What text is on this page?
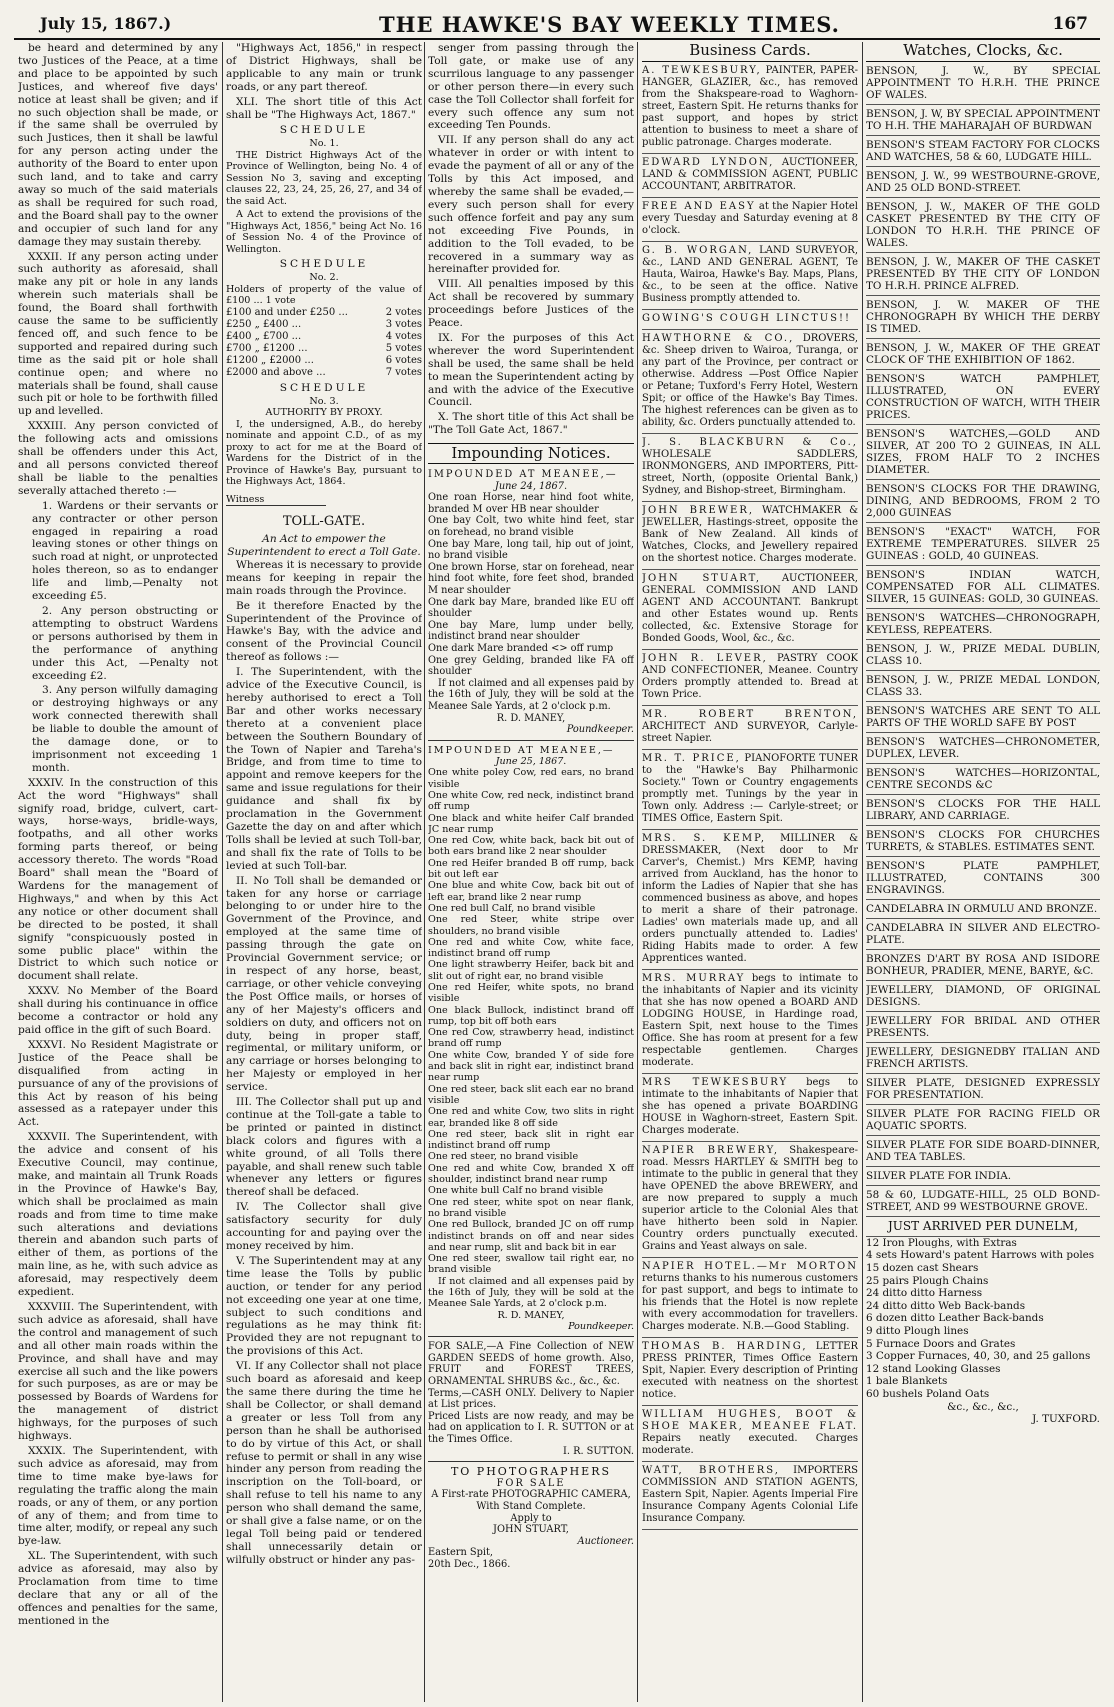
July 15, 1867.)	THE HAWKE'S BAY WEEKLY TIMES.	167

be heard and determined by any two Justices of the Peace, at a time and place to be appointed by such Justices, and whereof five days' notice at least shall be given; and if no such objection shall be made, or if the same shall be overruled by such Justices, then it shall be lawful for any person acting under the authority of the Board to enter upon such land, and to take and carry away so much of the said materials as shall be required for such road, and the Board shall pay to the owner and occupier of such land for any damage they may sustain thereby.

XXXII. If any person acting under such authority as aforesaid, shall make any pit or hole in any lands wherein such materials shall be found, the Board shall forthwith cause the same to be sufficiently fenced off, and such fence to be supported and repaired during such time as the said pit or hole shall continue open; and where no materials shall be found, shall cause such pit or hole to be forthwith filled up and levelled.

XXXIII. Any person convicted of the following acts and omissions shall be offenders under this Act, and all persons convicted thereof shall be liable to the penalties severally attached thereto :—

1. Wardens or their servants or any contracter or other person engaged in repairing a road leaving stones or other things on such road at night, or unprotected holes thereon, so as to endanger life and limb,—Penalty not exceeding £5.

2. Any person obstructing or attempting to obstruct Wardens or persons authorised by them in the performance of anything under this Act, —Penalty not exceeding £2.

3. Any person wilfully damaging or destroying highways or any work connected therewith shall be liable to double the amount of the damage done, or to imprisonment not exceeding 1 month.

XXXIV. In the construction of this Act the word "Highways" shall signify road, bridge, culvert, cart-ways, horse-ways, bridle-ways, footpaths, and all other works forming parts thereof, or being accessory thereto. The words "Road Board" shall mean the "Board of Wardens for the management of Highways," and when by this Act any notice or other document shall be directed to be posted, it shall signify "conspicuously posted in some public place" within the District to which such notice or document shall relate.

XXXV. No Member of the Board shall during his continuance in office become a contractor or hold any paid office in the gift of such Board.

XXXVI. No Resident Magistrate or Justice of the Peace shall be disqualified from acting in pursuance of any of the provisions of this Act by reason of his being assessed as a ratepayer under this Act.

XXXVII. The Superintendent, with the advice and consent of his Executive Council, may continue, make, and maintain all Trunk Roads in the Province of Hawke's Bay, which shall be proclaimed as main roads and from time to time make such alterations and deviations therein and abandon such parts of either of them, as portions of the main line, as he, with such advice as aforesaid, may respectively deem expedient.

XXXVIII. The Superintendent, with such advice as aforesaid, shall have the control and management of such and all other main roads within the Province, and shall have and may exercise all such and the like powers for such purposes, as are or may be possessed by Boards of Wardens for the management of district highways, for the purposes of such highways.

XXXIX. The Superintendent, with such advice as aforesaid, may from time to time make bye-laws for regulating the traffic along the main roads, or any of them, or any portion of any of them; and from time to time alter, modify, or repeal any such bye-law.

XL. The Superintendent, with such advice as aforesaid, may also by Proclamation from time to time declare that any or all of the offences and penalties for the same, mentioned in the

"Highways Act, 1856," in respect of District Highways, shall be applicable to any main or trunk roads, or any part thereof.

XLI. The short title of this Act shall be "The Highways Act, 1867."

SCHEDULE
No. 1.

THE District Highways Act of the Province of Wellington, being No. 4 of Session No 3, saving and excepting clauses 22, 23, 24, 25, 26, 27, and 34 of the said Act.

A Act to extend the provisions of the "Highways Act, 1856," being Act No. 16 of Session No. 4 of the Province of Wellington.

SCHEDULE
No. 2.
Holders of property of the value of £100 ... 1 vote
£100 and under £250 ...	2 votes
£250 „ £400 ...	3 votes
£400 „ £700 ...	4 votes
£700 „ £1200 ...	5 votes
£1200 „ £2000 ...	6 votes
£2000 and above ...	7 votes
SCHEDULE
No. 3.
AUTHORITY BY PROXY.

I, the undersigned, A.B., do hereby nominate and appoint C.D., of as my proxy to act for me at the Board of Wardens for the District of in the Province of Hawke's Bay, pursuant to the Highways Act, 1864.

Witness
TOLL-GATE.
An Act to empower the Superintendent to erect a Toll Gate.

Whereas it is necessary to provide means for keeping in repair the main roads through the Province.

Be it therefore Enacted by the Superintendent of the Province of Hawke's Bay, with the advice and consent of the Provincial Council thereof as follows :—

I. The Superintendent, with the advice of the Executive Council, is hereby authorised to erect a Toll Bar and other works necessary thereto at a convenient place between the Southern Boundary of the Town of Napier and Tareha's Bridge, and from time to time to appoint and remove keepers for the same and issue regulations for their guidance and shall fix by proclamation in the Government Gazette the day on and after which Tolls shall be levied at such Toll-bar, and shall fix the rate of Tolls to be levied at such Toll-bar.

II. No Toll shall be demanded or taken for any horse or carriage belonging to or under hire to the Government of the Province, and employed at the same time of passing through the gate on Provincial Government service; or in respect of any horse, beast, carriage, or other vehicle conveying the Post Office mails, or horses of any of her Majesty's officers and soldiers on duty, and officers not on duty, being in proper staff, regimental, or military uniform, or any carriage or horses belonging to her Majesty or employed in her service.

III. The Collector shall put up and continue at the Toll-gate a table to be printed or painted in distinct black colors and figures with a white ground, of all Tolls there payable, and shall renew such table whenever any letters or figures thereof shall be defaced.

IV. The Collector shall give satisfactory security for duly accounting for and paying over the money received by him.

V. The Superintendent may at any time lease the Tolls by public auction, or tender for any period not exceeding one year at one time, subject to such conditions and regulations as he may think fit: Provided they are not repugnant to the provisions of this Act.

VI. If any Collector shall not place such board as aforesaid and keep the same there during the time he shall be Collector, or shall demand a greater or less Toll from any person than he shall be authorised to do by virtue of this Act, or shall refuse to permit or shall in any wise hinder any person from reading the inscription on the Toll-board, or shall refuse to tell his name to any person who shall demand the same, or shall give a false name, or on the legal Toll being paid or tendered shall unnecessarily detain or wilfully obstruct or hinder any pas-

senger from passing through the Toll gate, or make use of any scurrilous language to any passenger or other person there—in every such case the Toll Collector shall forfeit for every such offence any sum not exceeding Ten Pounds.

VII. If any person shall do any act whatever in order or with intent to evade the payment of all or any of the Tolls by this Act imposed, and whereby the same shall be evaded,—every such person shall for every such offence forfeit and pay any sum not exceeding Five Pounds, in addition to the Toll evaded, to be recovered in a summary way as hereinafter provided for.

VIII. All penalties imposed by this Act shall be recovered by summary proceedings before Justices of the Peace.

IX. For the purposes of this Act wherever the word Superintendent shall be used, the same shall be held to mean the Superintendent acting by and with the advice of the Executive Council.

X. The short title of this Act shall be "The Toll Gate Act, 1867."

Impounding Notices.
IMPOUNDED AT MEANEE,—
June 24, 1867.
One roan Horse, near hind foot white, branded M over HB near shoulder
One bay Colt, two white hind feet, star on forehead, no brand visible
One bay Mare, long tail, hip out of joint, no brand visible
One brown Horse, star on forehead, near hind foot white, fore feet shod, branded M near shoulder
One dark bay Mare, branded like EU off shoulder
One bay Mare, lump under belly, indistinct brand near shoulder
One dark Mare branded <> off rump
One grey Gelding, branded like FA off shoulder
If not claimed and all expenses paid by the 16th of July, they will be sold at the Meanee Sale Yards, at 2 o'clock p.m.
R. D. MANEY,
Poundkeeper.
IMPOUNDED AT MEANEE,—
June 25, 1867.
One white poley Cow, red ears, no brand visible
One white Cow, red neck, indistinct brand off rump
One black and white heifer Calf branded JC near rump
One red Cow, white back, back bit out of both ears brand like 2 near shoulder
One red Heifer branded B off rump, back bit out left ear
One blue and white Cow, back bit out of left ear, brand like 2 near rump
One red bull Calf, no brand visible
One red Steer, white stripe over shoulders, no brand visible
One red and white Cow, white face, indistinct brand off rump
One light strawberry Heifer, back bit and slit out of right ear, no brand visible
One red Heifer, white spots, no brand visible
One black Bullock, indistinct brand off rump, top bit off both ears
One red Cow, strawberry head, indistinct brand off rump
One white Cow, branded Y of side fore and back slit in right ear, indistinct brand near rump
One red steer, back slit each ear no brand visible
One red and white Cow, two slits in right ear, branded like 8 off side
One red steer, back slit in right ear indistinct brand off rump
One red steer, no brand visible
One red and white Cow, branded X off shoulder, indistinct brand near rump
One white bull Calf no brand visible
One red steer, white spot on near flank, no brand visible
One red Bullock, branded JC on off rump indistinct brands on off and near sides and near rump, slit and back bit in ear
One red steer, swallow tail right ear, no brand visible
If not claimed and all expenses paid by the 16th of July, they will be sold at the Meanee Sale Yards, at 2 o'clock p.m.
R. D. MANEY,
Poundkeeper.
FOR SALE,—A Fine Collection of NEW GARDEN SEEDS of home growth. Also, FRUIT and FOREST TREES, ORNAMENTAL SHRUBS &c., &c., &c.
Terms,—CASH ONLY. Delivery to Napier at List prices.
Priced Lists are now ready, and may be had on application to I. R. SUTTON or at the Times Office.
I. R. SUTTON.
TO PHOTOGRAPHERS
FOR SALE
A First-rate PHOTOGRAPHIC CAMERA, With Stand Complete.
Apply to
JOHN STUART,
Auctioneer.
Eastern Spit,
20th Dec., 1866.
Business Cards.
A. TEWKESBURY, PAINTER, PAPER-HANGER, GLAZIER, &c., has removed from the Shakspeare-road to Waghorn-street, Eastern Spit. He returns thanks for past support, and hopes by strict attention to business to meet a share of public patronage. Charges moderate.
EDWARD LYNDON, AUCTIONEER, LAND & COMMISSION AGENT, PUBLIC ACCOUNTANT, ARBITRATOR.
FREE AND EASY at the Napier Hotel every Tuesday and Saturday evening at 8 o'clock.
G. B. WORGAN, LAND SURVEYOR, &c., LAND AND GENERAL AGENT, Te Hauta, Wairoa, Hawke's Bay. Maps, Plans, &c., to be seen at the office. Native Business promptly attended to.
GOWING'S COUGH LINCTUS!!
HAWTHORNE & CO., DROVERS, &c. Sheep driven to Wairoa, Turanga, or any part of the Province, per contract or otherwise. Address —Post Office Napier or Petane; Tuxford's Ferry Hotel, Western Spit; or office of the Hawke's Bay Times. The highest references can be given as to ability, &c. Orders punctually attended to.
J. S. BLACKBURN & Co., WHOLESALE SADDLERS, IRONMONGERS, AND IMPORTERS, Pitt-street, North, (opposite Oriental Bank,) Sydney, and Bishop-street, Birmingham.
JOHN BREWER, WATCHMAKER & JEWELLER, Hastings-street, opposite the Bank of New Zealand. All kinds of Watches, Clocks, and Jewellery repaired on the shortest notice. Charges moderate.
JOHN STUART, AUCTIONEER, GENERAL COMMISSION AND LAND AGENT AND ACCOUNTANT. Bankrupt and other Estates wound up. Rents collected, &c. Extensive Storage for Bonded Goods, Wool, &c., &c.
JOHN R. LEVER, PASTRY COOK AND CONFECTIONER, Meanee. Country Orders promptly attended to. Bread at Town Price.
MR. ROBERT BRENTON, ARCHITECT AND SURVEYOR, Carlyle-street Napier.
MR. T. PRICE, PIANOFORTE TUNER to the "Hawke's Bay Philharmonic Society." Town or Country engagements promptly met. Tunings by the year in Town only. Address :— Carlyle-street; or TIMES Office, Eastern Spit.
MRS. S. KEMP, MILLINER & DRESSMAKER, (Next door to Mr Carver's, Chemist.) Mrs KEMP, having arrived from Auckland, has the honor to inform the Ladies of Napier that she has commenced business as above, and hopes to merit a share of their patronage. Ladies' own materials made up, and all orders punctually attended to. Ladies' Riding Habits made to order. A few Apprentices wanted.
MRS. MURRAY begs to intimate to the inhabitants of Napier and its vicinity that she has now opened a BOARD AND LODGING HOUSE, in Hardinge road, Eastern Spit, next house to the Times Office. She has room at present for a few respectable gentlemen. Charges moderate.
MRS TEWKESBURY begs to intimate to the inhabitants of Napier that she has opened a private BOARDING HOUSE in Waghorn-street, Eastern Spit. Charges moderate.
NAPIER BREWERY, Shakespeare-road. Messrs HARTLEY & SMITH beg to intimate to the public in general that they have OPENED the above BREWERY, and are now prepared to supply a much superior article to the Colonial Ales that have hitherto been sold in Napier. Country orders punctually executed. Grains and Yeast always on sale.
NAPIER HOTEL.—Mr MORTON returns thanks to his numerous customers for past support, and begs to intimate to his friends that the Hotel is now replete with every accommodation for travellers. Charges moderate. N.B.—Good Stabling.
THOMAS B. HARDING, LETTER PRESS PRINTER, Times Office Eastern Spit, Napier. Every description of Printing executed with neatness on the shortest notice.
WILLIAM HUGHES, BOOT & SHOE MAKER, MEANEE FLAT. Repairs neatly executed. Charges moderate.
WATT, BROTHERS, IMPORTERS COMMISSION AND STATION AGENTS, Eastern Spit, Napier. Agents Imperial Fire Insurance Company Agents Colonial Life Insurance Company.
Watches, Clocks, &c.
BENSON, J. W., BY SPECIAL APPOINTMENT TO H.R.H. THE PRINCE OF WALES.
BENSON, J. W, BY SPECIAL APPOINTMENT TO H.H. THE MAHARAJAH OF BURDWAN
BENSON'S STEAM FACTORY FOR CLOCKS AND WATCHES, 58 & 60, LUDGATE HILL.
BENSON, J. W., 99 WESTBOURNE-GROVE, AND 25 OLD BOND-STREET.
BENSON, J. W., MAKER OF THE GOLD CASKET PRESENTED BY THE CITY OF LONDON TO H.R.H. THE PRINCE OF WALES.
BENSON, J. W., MAKER OF THE CASKET PRESENTED BY THE CITY OF LONDON TO H.R.H. PRINCE ALFRED.
BENSON, J. W. MAKER OF THE CHRONOGRAPH BY WHICH THE DERBY IS TIMED.
BENSON, J. W., MAKER OF THE GREAT CLOCK OF THE EXHIBITION OF 1862.
BENSON'S WATCH PAMPHLET, ILLUSTRATED, ON EVERY CONSTRUCTION OF WATCH, WITH THEIR PRICES.
BENSON'S WATCHES,—GOLD AND SILVER, AT 200 TO 2 GUINEAS, IN ALL SIZES, FROM HALF TO 2 INCHES DIAMETER.
BENSON'S CLOCKS FOR THE DRAWING, DINING, AND BEDROOMS, FROM 2 TO 2,000 GUINEAS
BENSON'S "EXACT" WATCH, FOR EXTREME TEMPERATURES. SILVER 25 GUINEAS : GOLD, 40 GUINEAS.
BENSON'S INDIAN WATCH, COMPENSATED FOR ALL CLIMATES. SILVER, 15 GUINEAS: GOLD, 30 GUINEAS.
BENSON'S WATCHES—CHRONOGRAPH, KEYLESS, REPEATERS.
BENSON, J. W., PRIZE MEDAL DUBLIN, CLASS 10.
BENSON, J. W., PRIZE MEDAL LONDON, CLASS 33.
BENSON'S WATCHES ARE SENT TO ALL PARTS OF THE WORLD SAFE BY POST
BENSON'S WATCHES—CHRONOMETER, DUPLEX, LEVER.
BENSON'S WATCHES—HORIZONTAL, CENTRE SECONDS &C
BENSON'S CLOCKS FOR THE HALL LIBRARY, AND CARRIAGE.
BENSON'S CLOCKS FOR CHURCHES TURRETS, & STABLES. ESTIMATES SENT.
BENSON'S PLATE PAMPHLET, ILLUSTRATED, CONTAINS 300 ENGRAVINGS.
CANDELABRA IN ORMULU AND BRONZE.
CANDELABRA IN SILVER AND ELECTRO-PLATE.
BRONZES D'ART BY ROSA AND ISIDORE BONHEUR, PRADIER, MENE, BARYE, &C.
JEWELLERY, DIAMOND, OF ORIGINAL DESIGNS.
JEWELLERY FOR BRIDAL AND OTHER PRESENTS.
JEWELLERY, DESIGNEDBY ITALIAN AND FRENCH ARTISTS.
SILVER PLATE, DESIGNED EXPRESSLY FOR PRESENTATION.
SILVER PLATE FOR RACING FIELD OR AQUATIC SPORTS.
SILVER PLATE FOR SIDE BOARD-DINNER, AND TEA TABLES.
SILVER PLATE FOR INDIA.
58 & 60, LUDGATE-HILL, 25 OLD BOND-STREET, AND 99 WESTBOURNE GROVE.
JUST ARRIVED PER DUNELM,
12 Iron Ploughs, with Extras
4 sets Howard's patent Harrows with poles
15 dozen cast Shears
25 pairs Plough Chains
24 ditto ditto Harness
24 ditto ditto Web Back-bands
6 dozen ditto Leather Back-bands
9 ditto Plough lines
5 Furnace Doors and Grates
3 Copper Furnaces, 40, 30, and 25 gallons
12 stand Looking Glasses
1 bale Blankets
60 bushels Poland Oats
&c., &c., &c.,
J. TUXFORD.
